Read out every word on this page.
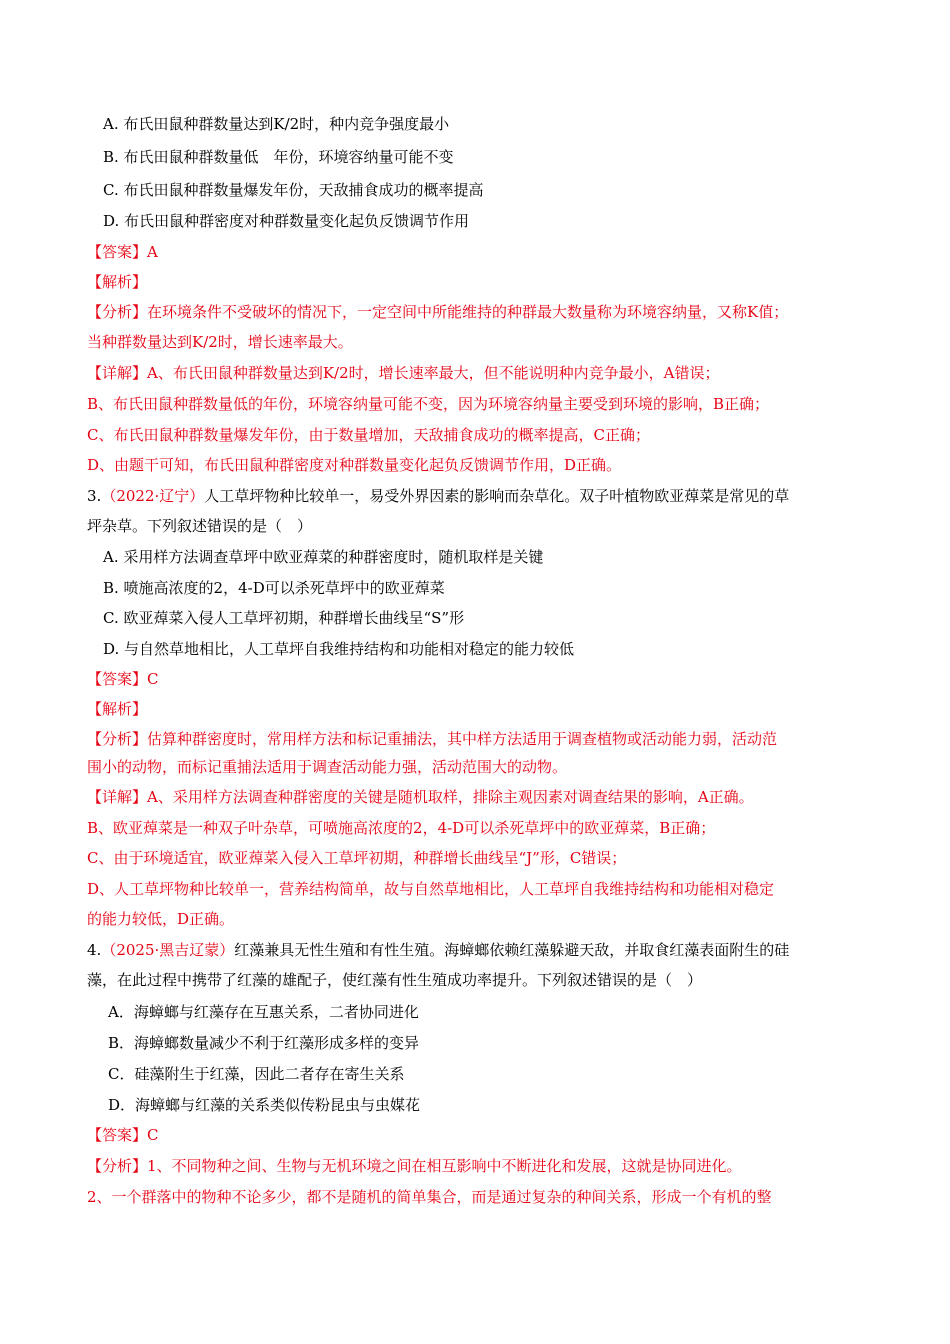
A. 布氏田鼠种群数量达到K/2时，种内竞争强度最小
B. 布氏田鼠种群数量低　年份，环境容纳量可能不变
C. 布氏田鼠种群数量爆发年份，天敌捕食成功的概率提高
D. 布氏田鼠种群密度对种群数量变化起负反馈调节作用
【答案】A
【解析】
【分析】在环境条件不受破坏的情况下，一定空间中所能维持的种群最大数量称为环境容纳量，又称K值；
当种群数量达到K/2时，增长速率最大。
【详解】A、布氏田鼠种群数量达到K/2时，增长速率最大，但不能说明种内竞争最小，A错误；
B、布氏田鼠种群数量低的年份，环境容纳量可能不变，因为环境容纳量主要受到环境的影响，B正确；
C、布氏田鼠种群数量爆发年份，由于数量增加，天敌捕食成功的概率提高，C正确；
D、由题干可知，布氏田鼠种群密度对种群数量变化起负反馈调节作用，D正确。
3.（2022·辽宁）人工草坪物种比较单一，易受外界因素的影响而杂草化。双子叶植物欧亚蔊菜是常见的草
坪杂草。下列叙述错误的是（　）
A. 采用样方法调查草坪中欧亚蔊菜的种群密度时，随机取样是关键
B. 喷施高浓度的2，4-D可以杀死草坪中的欧亚蔊菜
C. 欧亚蔊菜入侵人工草坪初期，种群增长曲线呈“S”形
D. 与自然草地相比，人工草坪自我维持结构和功能相对稳定的能力较低
【答案】C
【解析】
【分析】估算种群密度时，常用样方法和标记重捕法，其中样方法适用于调查植物或活动能力弱，活动范
围小的动物，而标记重捕法适用于调查活动能力强，活动范围大的动物。
【详解】A、采用样方法调查种群密度的关键是随机取样，排除主观因素对调查结果的影响，A正确。
B、欧亚蔊菜是一种双子叶杂草，可喷施高浓度的2，4-D可以杀死草坪中的欧亚蔊菜，B正确；
C、由于环境适宜，欧亚蔊菜入侵入工草坪初期，种群增长曲线呈“J”形，C错误；
D、人工草坪物种比较单一，营养结构简单，故与自然草地相比，人工草坪自我维持结构和功能相对稳定
的能力较低，D正确。
4.（2025·黑吉辽蒙）红藻兼具无性生殖和有性生殖。海蟑螂依赖红藻躲避天敌，并取食红藻表面附生的硅
藻，在此过程中携带了红藻的雄配子，使红藻有性生殖成功率提升。下列叙述错误的是（　）
A．海蟑螂与红藻存在互惠关系，二者协同进化
B．海蟑螂数量减少不利于红藻形成多样的变异
C．硅藻附生于红藻，因此二者存在寄生关系
D．海蟑螂与红藻的关系类似传粉昆虫与虫媒花
【答案】C
【分析】1、不同物种之间、生物与无机环境之间在相互影响中不断进化和发展，这就是协同进化。
2、一个群落中的物种不论多少，都不是随机的简单集合，而是通过复杂的种间关系，形成一个有机的整
